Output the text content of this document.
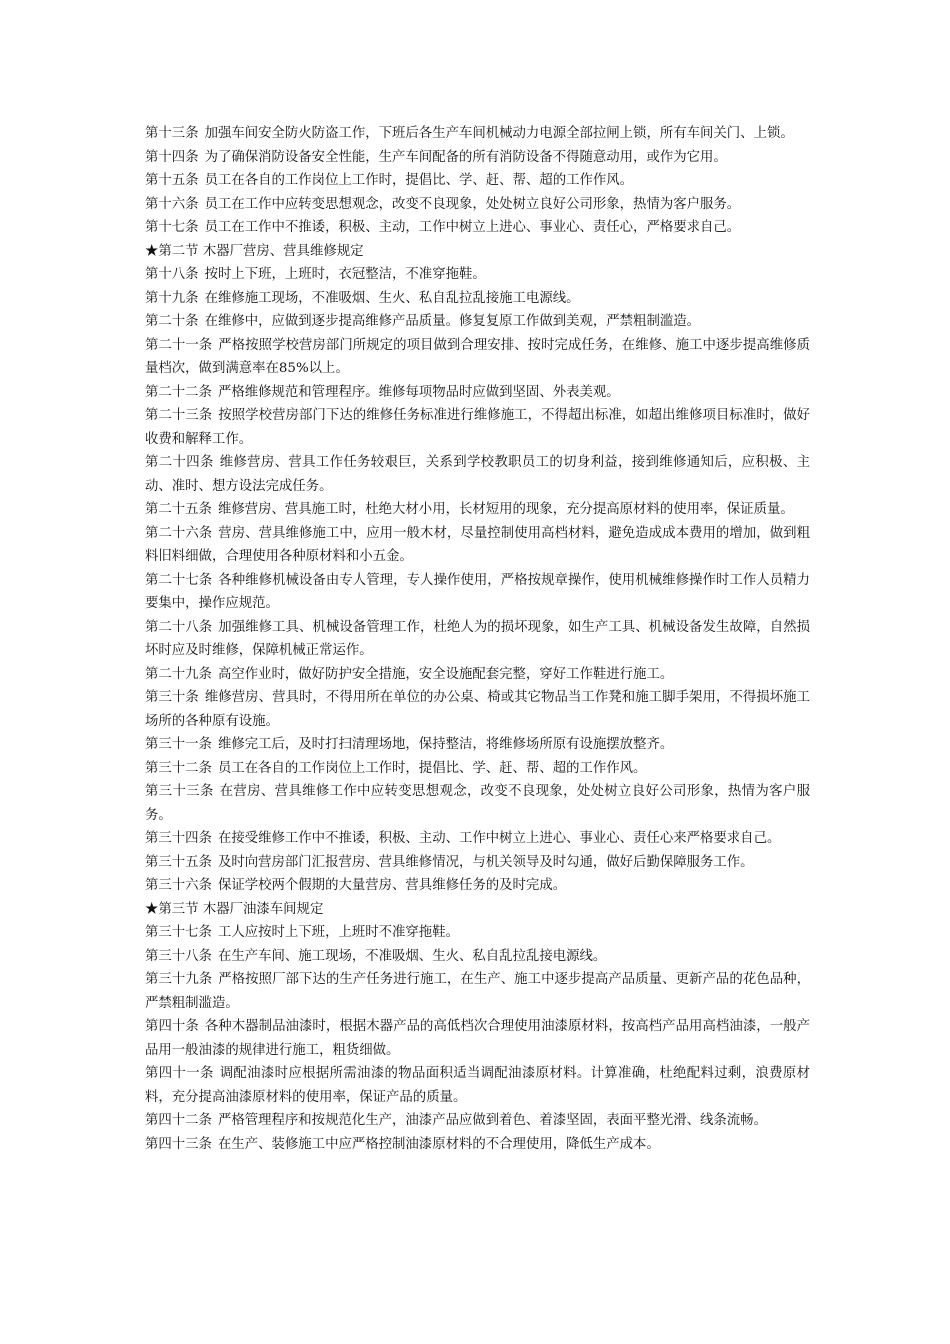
第十三条 加强车间安全防火防盗工作，下班后各生产车间机械动力电源全部拉闸上锁，所有车间关门、上锁。

第十四条 为了确保消防设备安全性能，生产车间配备的所有消防设备不得随意动用，或作为它用。

第十五条 员工在各自的工作岗位上工作时，提倡比、学、赶、帮、超的工作作风。

第十六条 员工在工作中应转变思想观念，改变不良现象，处处树立良好公司形象，热情为客户服务。

第十七条 员工在工作中不推诿，积极、主动，工作中树立上进心、事业心、责任心，严格要求自己。

★第二节 木器厂营房、营具维修规定

第十八条 按时上下班，上班时，衣冠整洁，不准穿拖鞋。

第十九条 在维修施工现场，不准吸烟、生火、私自乱拉乱接施工电源线。

第二十条 在维修中，应做到逐步提高维修产品质量。修复复原工作做到美观，严禁粗制滥造。

第二十一条 严格按照学校营房部门所规定的项目做到合理安排、按时完成任务，在维修、施工中逐步提高维修质量档次，做到满意率在85%以上。

第二十二条 严格维修规范和管理程序。维修每项物品时应做到坚固、外表美观。

第二十三条 按照学校营房部门下达的维修任务标准进行维修施工，不得超出标准，如超出维修项目标准时，做好收费和解释工作。

第二十四条 维修营房、营具工作任务较艰巨，关系到学校教职员工的切身利益，接到维修通知后，应积极、主动、准时、想方设法完成任务。

第二十五条 维修营房、营具施工时，杜绝大材小用，长材短用的现象，充分提高原材料的使用率，保证质量。

第二十六条 营房、营具维修施工中，应用一般木材，尽量控制使用高档材料，避免造成成本费用的增加，做到粗料旧料细做，合理使用各种原材料和小五金。

第二十七条 各种维修机械设备由专人管理，专人操作使用，严格按规章操作，使用机械维修操作时工作人员精力要集中，操作应规范。

第二十八条 加强维修工具、机械设备管理工作，杜绝人为的损坏现象，如生产工具、机械设备发生故障，自然损坏时应及时维修，保障机械正常运作。

第二十九条 高空作业时，做好防护安全措施，安全设施配套完整，穿好工作鞋进行施工。

第三十条 维修营房、营具时，不得用所在单位的办公桌、椅或其它物品当工作凳和施工脚手架用，不得损坏施工场所的各种原有设施。

第三十一条 维修完工后，及时打扫清理场地，保持整洁，将维修场所原有设施摆放整齐。

第三十二条 员工在各自的工作岗位上工作时，提倡比、学、赶、帮、超的工作作风。

第三十三条 在营房、营具维修工作中应转变思想观念，改变不良现象，处处树立良好公司形象，热情为客户服务。

第三十四条 在接受维修工作中不推诿，积极、主动、工作中树立上进心、事业心、责任心来严格要求自己。

第三十五条 及时向营房部门汇报营房、营具维修情况，与机关领导及时勾通，做好后勤保障服务工作。

第三十六条 保证学校两个假期的大量营房、营具维修任务的及时完成。

★第三节 木器厂油漆车间规定

第三十七条 工人应按时上下班，上班时不准穿拖鞋。

第三十八条 在生产车间、施工现场，不准吸烟、生火、私自乱拉乱接电源线。

第三十九条 严格按照厂部下达的生产任务进行施工，在生产、施工中逐步提高产品质量、更新产品的花色品种，严禁粗制滥造。

第四十条 各种木器制品油漆时，根据木器产品的高低档次合理使用油漆原材料，按高档产品用高档油漆，一般产品用一般油漆的规律进行施工，粗货细做。

第四十一条 调配油漆时应根据所需油漆的物品面积适当调配油漆原材料。计算准确，杜绝配料过剩，浪费原材料，充分提高油漆原材料的使用率，保证产品的质量。

第四十二条 严格管理程序和按规范化生产，油漆产品应做到着色、着漆坚固，表面平整光滑、线条流畅。

第四十三条 在生产、装修施工中应严格控制油漆原材料的不合理使用，降低生产成本。
